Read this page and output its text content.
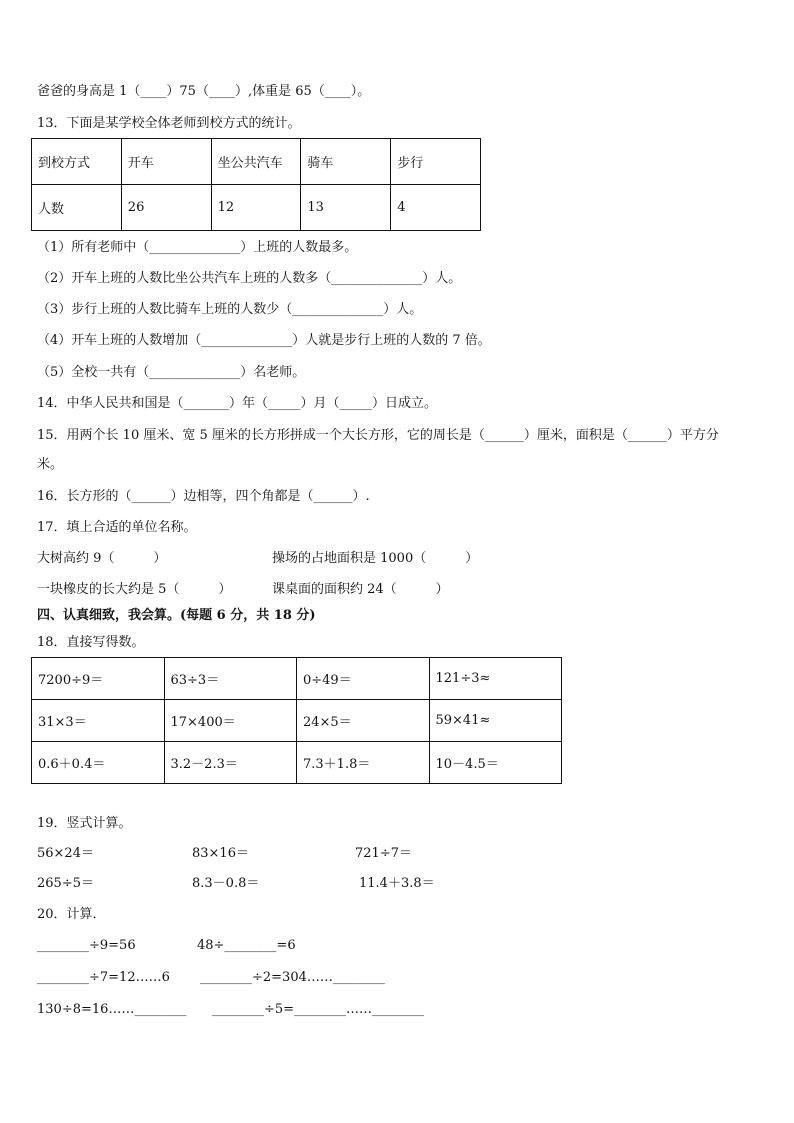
爸爸的身高是 1（____）75（____）,体重是 65（____）。
13．下面是某学校全体老师到校方式的统计。
到校方式	开车	坐公共汽车	骑车	步行
人数	26	12	13	4
（1）所有老师中（______________）上班的人数最多。
（2）开车上班的人数比坐公共汽车上班的人数多（______________）人。
（3）步行上班的人数比骑车上班的人数少（______________）人。
（4）开车上班的人数增加（______________）人就是步行上班的人数的 7 倍。
（5）全校一共有（______________）名老师。
14．中华人民共和国是（_______）年（_____）月（_____）日成立。
15．用两个长 10 厘米、宽 5 厘米的长方形拼成一个大长方形，它的周长是（______）厘米，面积是（______）平方分
米。
16．长方形的（______）边相等，四个角都是（______）.
17．填上合适的单位名称。
大树高约 9（　　　）	操场的占地面积是 1000（　　　）
一块橡皮的长大约是 5（　　　）	课桌面的面积约 24（　　　）
四、认真细致，我会算。(每题 6 分，共 18 分)
18．直接写得数。
7200÷9＝	63÷3＝	0÷49＝	121÷3≈
31×3＝	17×400＝	24×5＝	59×41≈
0.6＋0.4＝	3.2－2.3＝	7.3＋1.8＝	10－4.5＝
19．竖式计算。
56×24＝	83×16＝	721÷7＝
265÷5＝	8.3－0.8＝	11.4＋3.8＝
20．计算．
________÷9=56	48÷________=6
________÷7=12……6 ________÷2=304……________
130÷8=16……________ ________÷5=________……________
